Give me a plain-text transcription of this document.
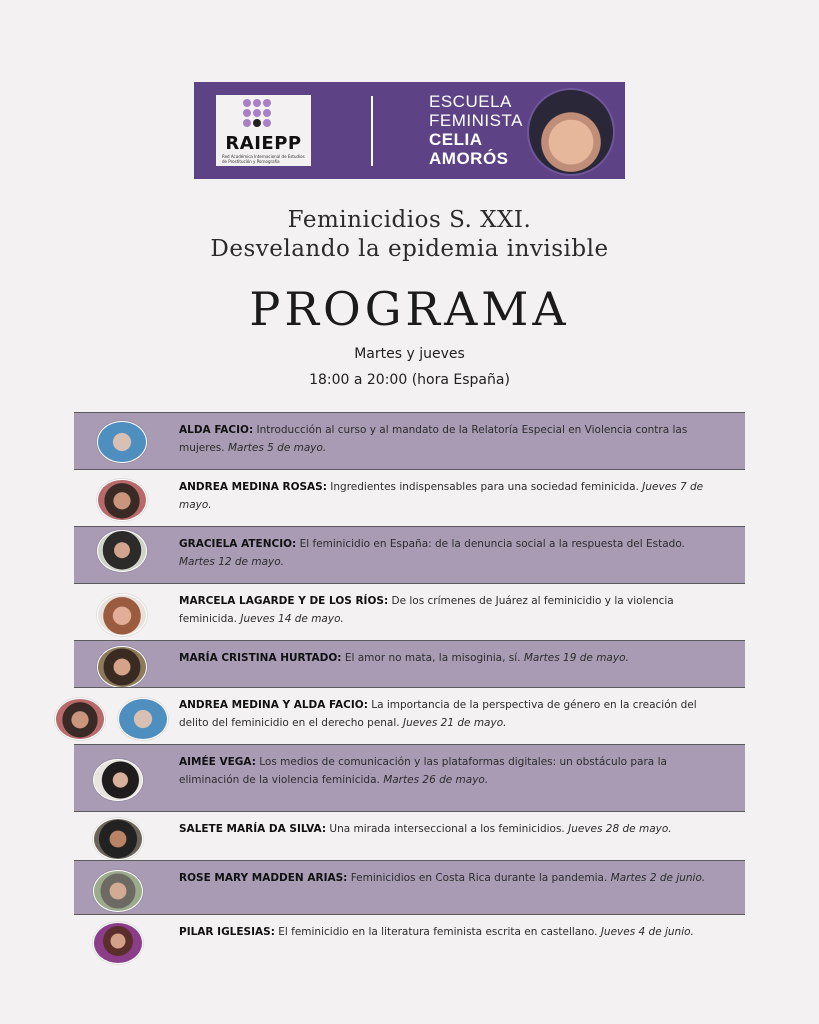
RAIEPP
Red Académica Internacional de Estudios de Prostitución y Pornografía
ESCUELA
FEMINISTA
CELIA
AMORÓS
Feminicidios S. XXI.
Desvelando la epidemia invisible
PROGRAMA
Martes y jueves
18:00 a 20:00 (hora España)
ALDA FACIO: Introducción al curso y al mandato de la Relatoría Especial en Violencia contra las mujeres. Martes 5 de mayo.
ANDREA MEDINA ROSAS: Ingredientes indispensables para una sociedad feminicida. Jueves 7 de mayo.
GRACIELA ATENCIO: El feminicidio en España: de la denuncia social a la respuesta del Estado. Martes 12 de mayo.
MARCELA LAGARDE Y DE LOS RÍOS: De los crímenes de Juárez al feminicidio y la violencia feminicida. Jueves 14 de mayo.
MARÍA CRISTINA HURTADO: El amor no mata, la misoginia, sí. Martes 19 de mayo.
ANDREA MEDINA Y ALDA FACIO: La importancia de la perspectiva de género en la creación del delito del feminicidio en el derecho penal. Jueves 21 de mayo.
AIMÉE VEGA: Los medios de comunicación y las plataformas digitales: un obstáculo para la eliminación de la violencia feminicida. Martes 26 de mayo.
SALETE MARÍA DA SILVA: Una mirada interseccional a los feminicidios. Jueves 28 de mayo.
ROSE MARY MADDEN ARIAS: Feminicidios en Costa Rica durante la pandemia. Martes 2 de junio.
PILAR IGLESIAS: El feminicidio en la literatura feminista escrita en castellano. Jueves 4 de junio.
